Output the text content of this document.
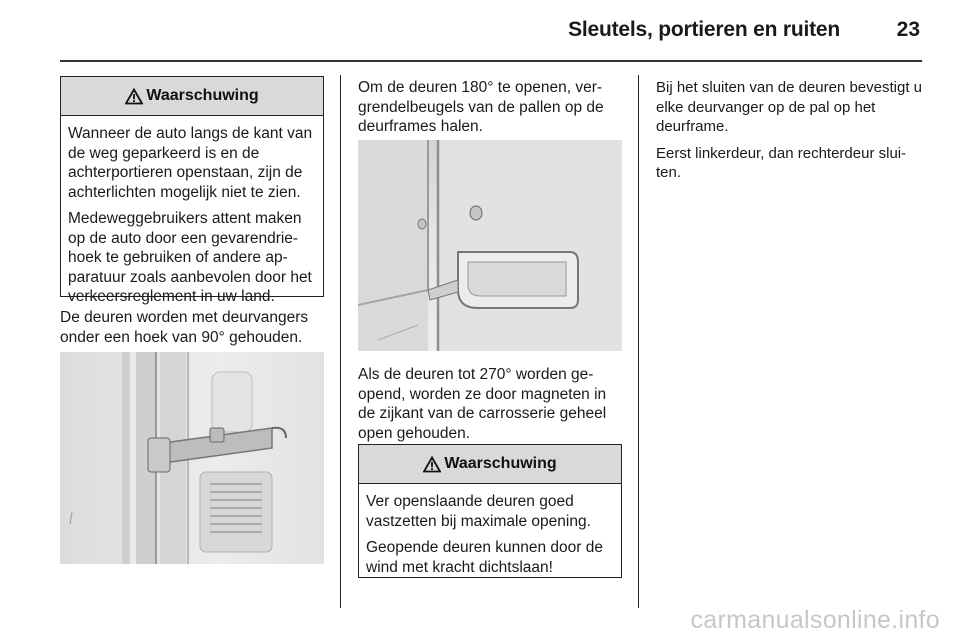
Sleutels, portieren en ruiten	23
Waarschuwing

Wanneer de auto langs de kant van de weg geparkeerd is en de achterportieren openstaan, zijn de achterlichten mogelijk niet te zien.

Medeweggebruikers attent maken op de auto door een gevarendrie-hoek te gebruiken of andere ap-paratuur zoals aanbevolen door het verkeersreglement in uw land.

De deuren worden met deurvangers onder een hoek van 90° gehouden.

Om de deuren 180° te openen, ver-grendelbeugels van de pallen op de deurframes halen.

Als de deuren tot 270° worden ge-opend, worden ze door magneten in de zijkant van de carrosserie geheel open gehouden.

Waarschuwing

Ver openslaande deuren goed vastzetten bij maximale opening.

Geopende deuren kunnen door de wind met kracht dichtslaan!

Bij het sluiten van de deuren bevestigt u elke deurvanger op de pal op het deurframe.

Eerst linkerdeur, dan rechterdeur slui-ten.

carmanualsonline.info
